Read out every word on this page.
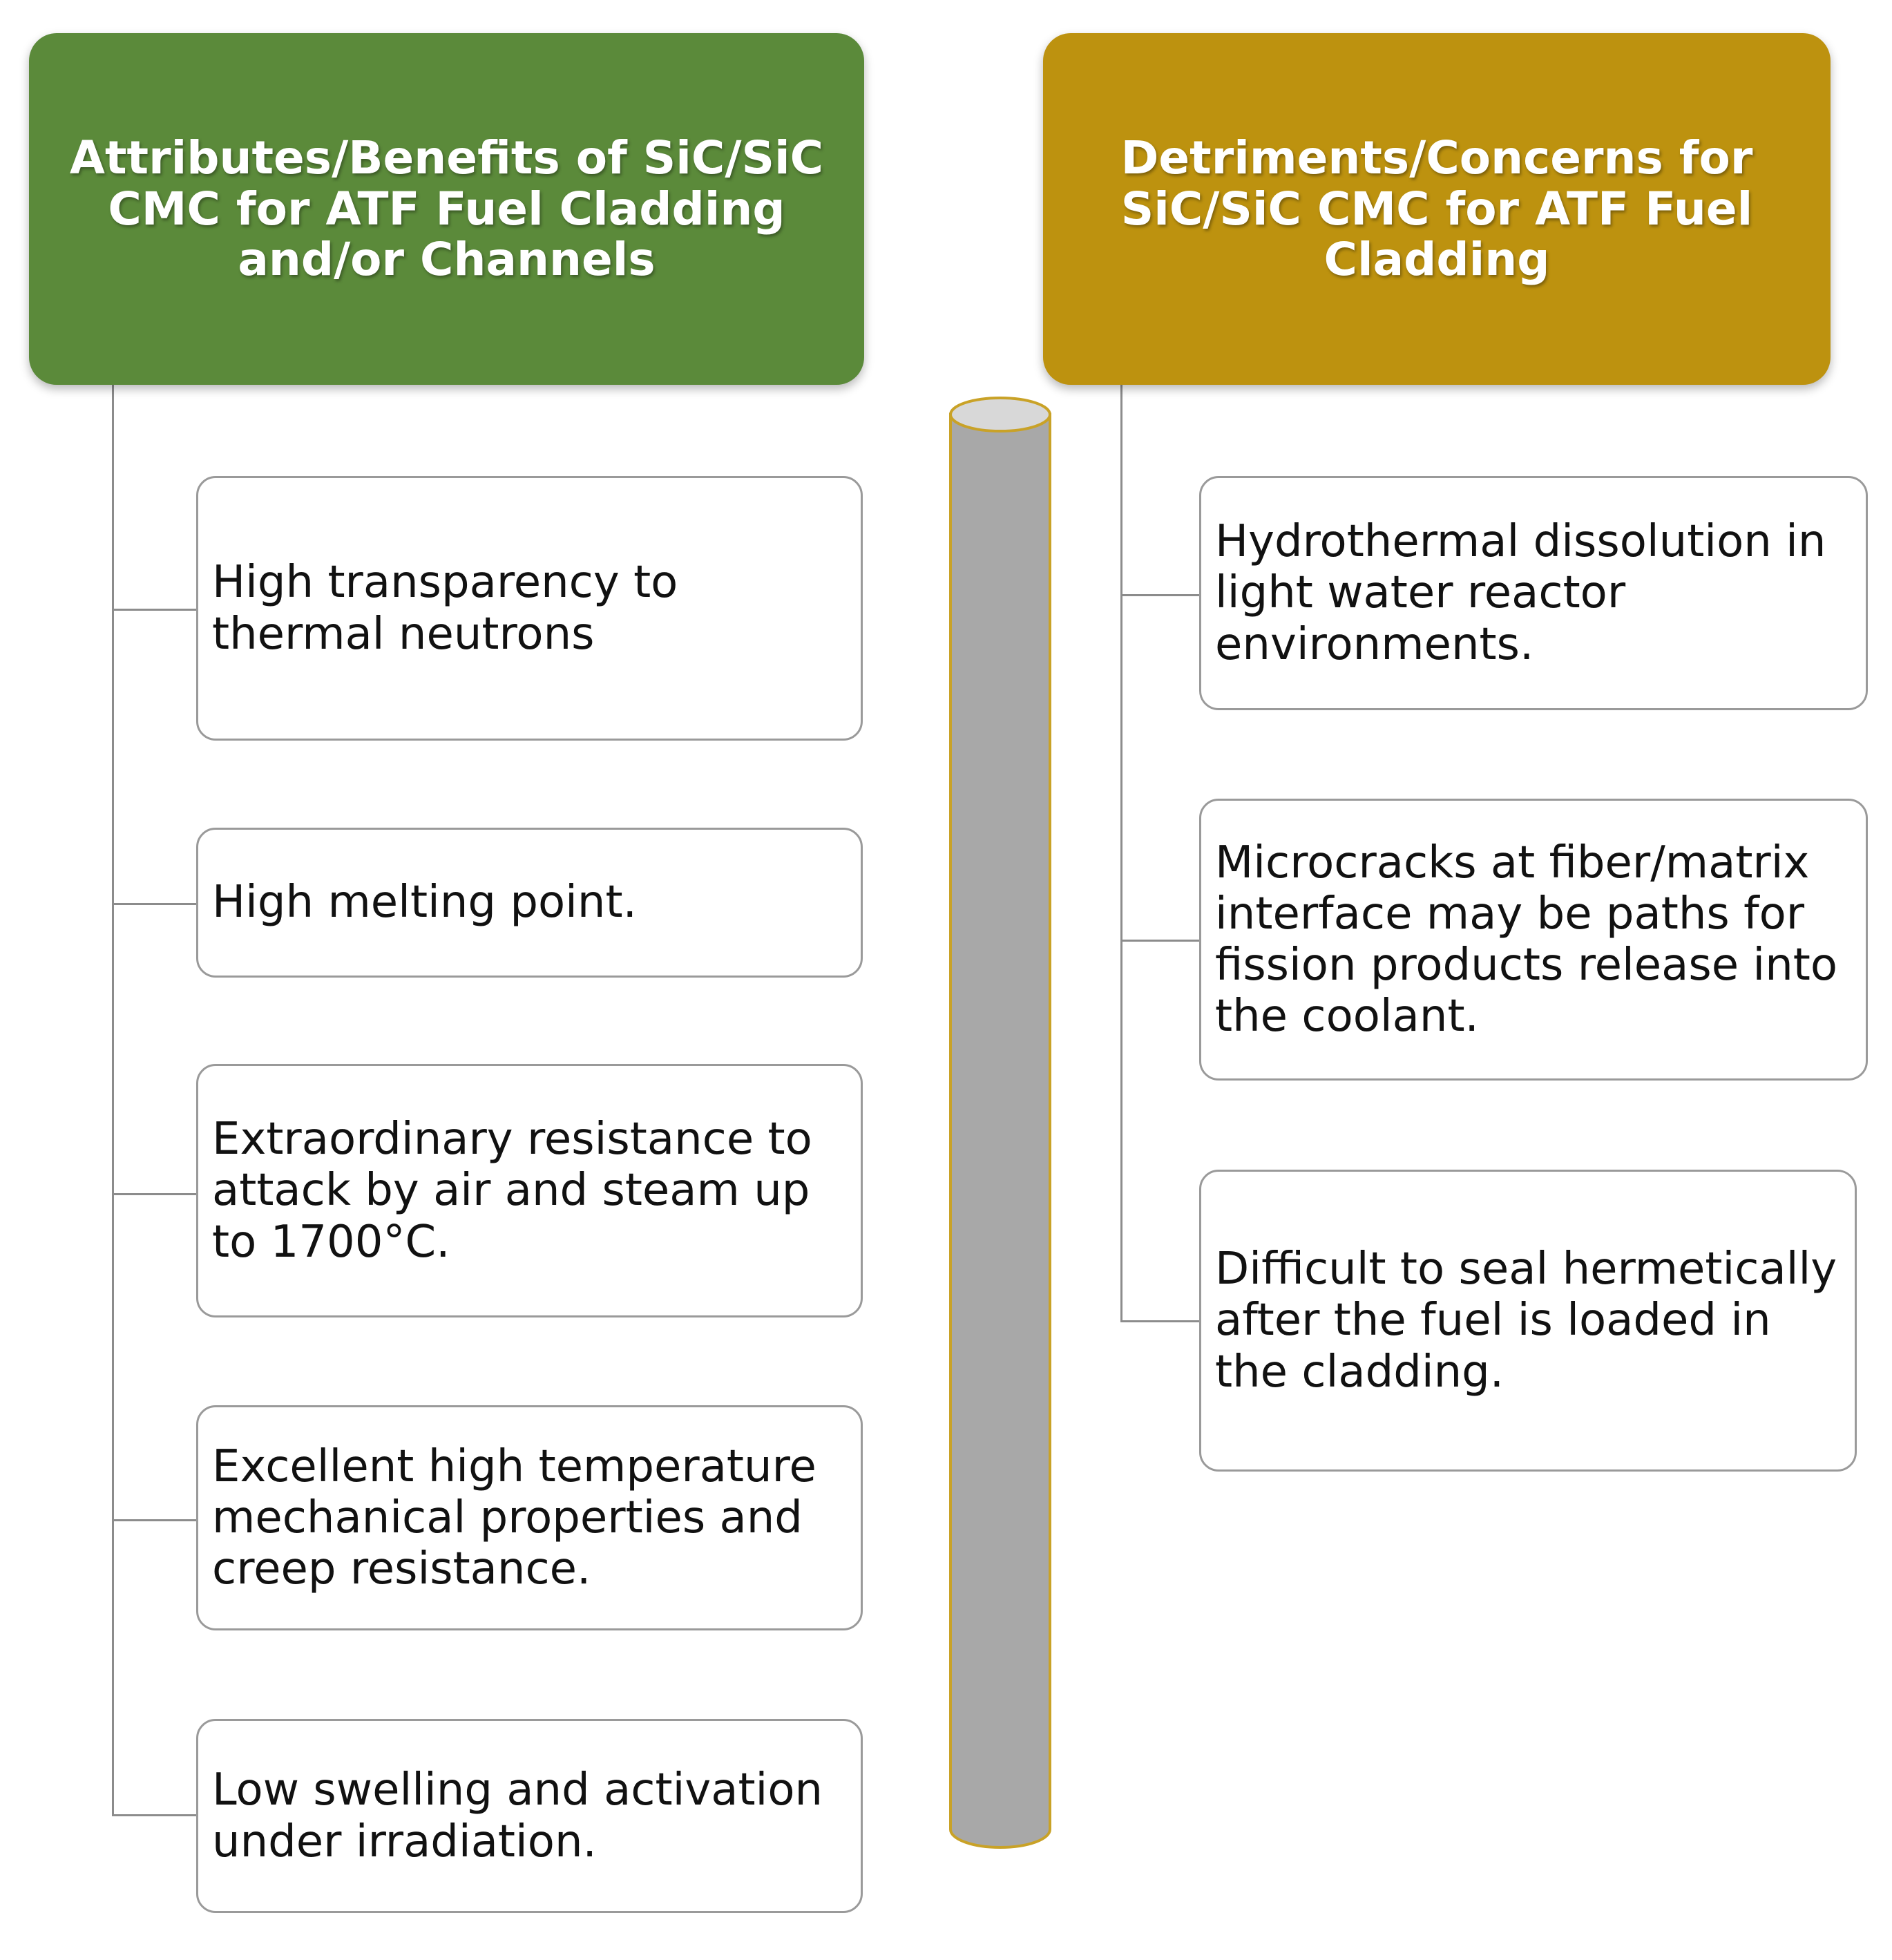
Attributes/Benefits of SiC/SiC CMC for ATF Fuel Cladding and/or Channels
Detriments/Concerns for SiC/SiC CMC for ATF Fuel Cladding
High transparency to thermal neutrons
High melting point.
Extraordinary resistance to attack by air and steam up to 1700°C.
Excellent high temperature mechanical properties and creep resistance.
Low swelling and activation under irradiation.
Hydrothermal dissolution in light water reactor environments.
Microcracks at fiber/matrix interface may be paths for fission products release into the coolant.
Difficult to seal hermetically after the fuel is loaded in the cladding.
